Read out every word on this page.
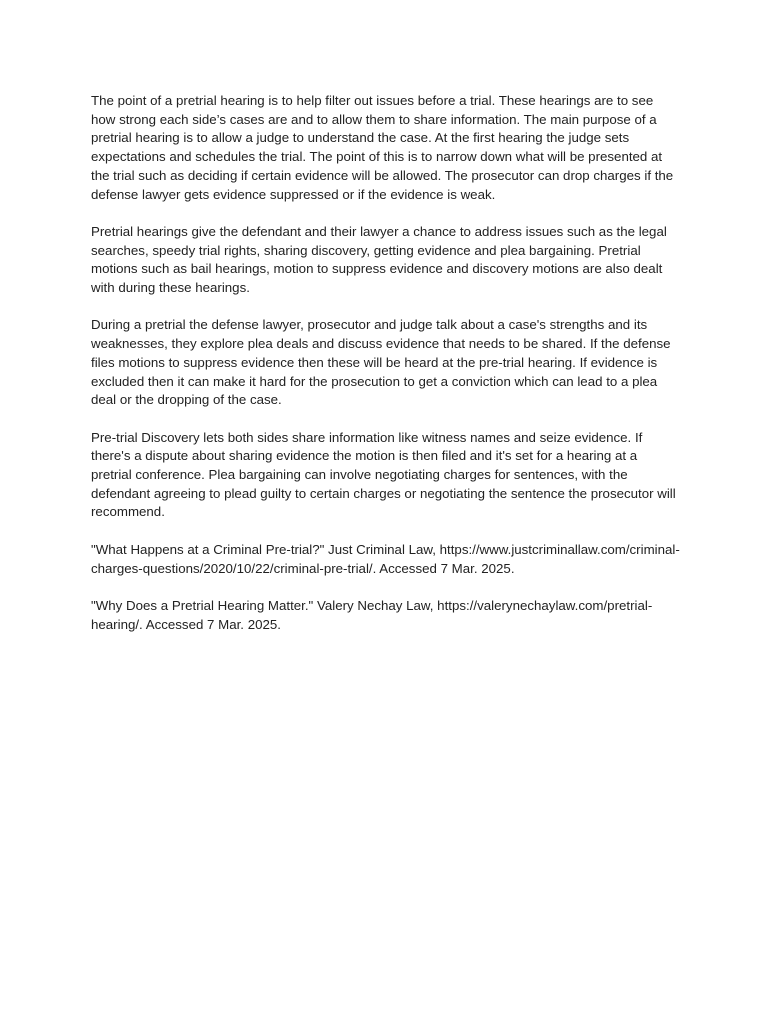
The point of a pretrial hearing is to help filter out issues before a trial. These hearings are to see how strong each side’s cases are and to allow them to share information. The main purpose of a pretrial hearing is to allow a judge to understand the case. At the first hearing the judge sets expectations and schedules the trial. The point of this is to narrow down what will be presented at the trial such as deciding if certain evidence will be allowed. The prosecutor can drop charges if the defense lawyer gets evidence suppressed or if the evidence is weak.

Pretrial hearings give the defendant and their lawyer a chance to address issues such as the legal searches, speedy trial rights, sharing discovery, getting evidence and plea bargaining. Pretrial motions such as bail hearings, motion to suppress evidence and discovery motions are also dealt with during these hearings.

During a pretrial the defense lawyer, prosecutor and judge talk about a case's strengths and its weaknesses, they explore plea deals and discuss evidence that needs to be shared. If the defense files motions to suppress evidence then these will be heard at the pre-trial hearing. If evidence is excluded then it can make it hard for the prosecution to get a conviction which can lead to a plea deal or the dropping of the case.

Pre-trial Discovery lets both sides share information like witness names and seize evidence. If there's a dispute about sharing evidence the motion is then filed and it's set for a hearing at a pretrial conference. Plea bargaining can involve negotiating charges for sentences, with the defendant agreeing to plead guilty to certain charges or negotiating the sentence the prosecutor will recommend.

"What Happens at a Criminal Pre-trial?" Just Criminal Law, https://www.justcriminallaw.com/criminal-charges-questions/2020/10/22/criminal-pre-trial/. Accessed 7 Mar. 2025.

"Why Does a Pretrial Hearing Matter." Valery Nechay Law, https://valerynechaylaw.com/pretrial-hearing/. Accessed 7 Mar. 2025.
